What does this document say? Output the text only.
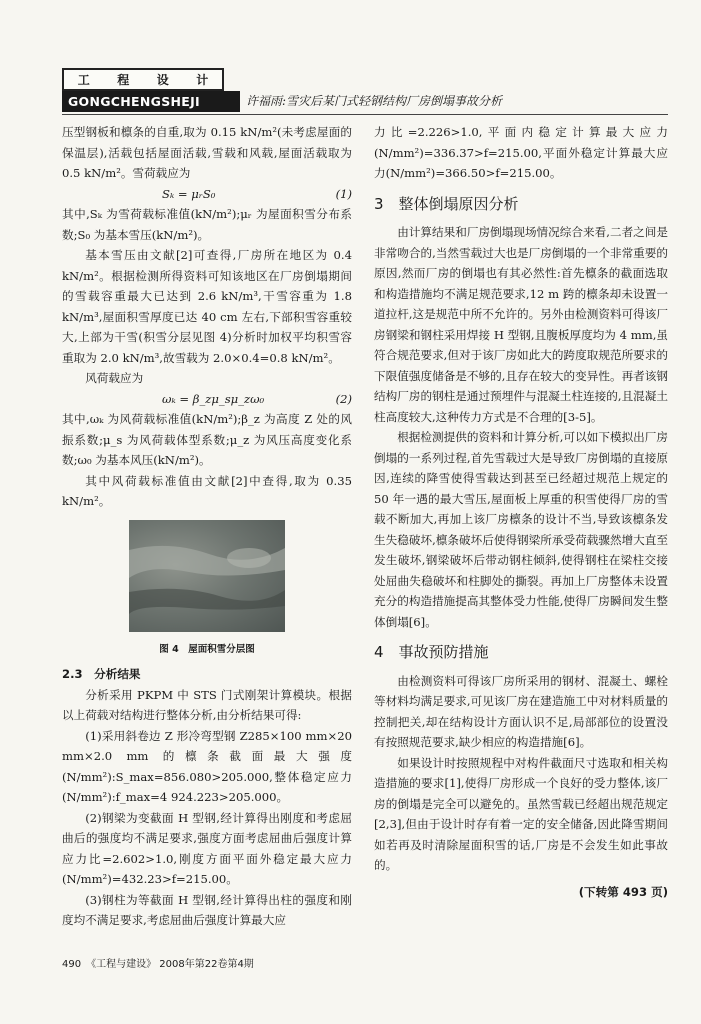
工 程 设 计
GONGCHENGSHEJI	许福雨:雪灾后某门式轻钢结构厂房倒塌事故分析

压型钢板和檩条的自重,取为 0.15 kN/m²(未考虑屋面的保温层),活载包括屋面活载,雪载和风载,屋面活载取为 0.5 kN/m²。雪荷载应为

Sₖ = μᵣS₀	(1)

其中,Sₖ 为雪荷载标准值(kN/m²);μᵣ 为屋面积雪分布系数;S₀ 为基本雪压(kN/m²)。

基本雪压由文献[2]可查得,厂房所在地区为 0.4 kN/m²。根据检测所得资料可知该地区在厂房倒塌期间的雪载容重最大已达到 2.6 kN/m³,干雪容重为 1.8 kN/m³,屋面积雪厚度已达 40 cm 左右,下部积雪容重较大,上部为干雪(积雪分层见图 4)分析时加权平均积雪容重取为 2.0 kN/m³,故雪载为 2.0×0.4=0.8 kN/m²。

风荷载应为

ωₖ = β_zμ_sμ_zω₀	(2)

其中,ωₖ 为风荷载标准值(kN/m²);β_z 为高度 Z 处的风振系数;μ_s 为风荷载体型系数;μ_z 为风压高度变化系数;ω₀ 为基本风压(kN/m²)。

其中风荷载标准值由文献[2]中查得,取为 0.35 kN/m²。

图 4　屋面积雪分层图
2.3　分析结果

分析采用 PKPM 中 STS 门式刚架计算模块。根据以上荷载对结构进行整体分析,由分析结果可得:

(1)采用斜卷边 Z 形冷弯型钢 Z285×100 mm×20 mm×2.0 mm 的檩条截面最大强度(N/mm²):S_max=856.080>205.000,整体稳定应力(N/mm²):f_max=4 924.223>205.000。

(2)钢梁为变截面 H 型钢,经计算得出刚度和考虑屈曲后的强度均不满足要求,强度方面考虑屈曲后强度计算应力比=2.602>1.0,刚度方面平面外稳定最大应力(N/mm²)=432.23>f=215.00。

(3)钢柱为等截面 H 型钢,经计算得出柱的强度和刚度均不满足要求,考虑屈曲后强度计算最大应

力比=2.226>1.0,平面内稳定计算最大应力(N/mm²)=336.37>f=215.00,平面外稳定计算最大应力(N/mm²)=366.50>f=215.00。

3　整体倒塌原因分析

由计算结果和厂房倒塌现场情况综合来看,二者之间是非常吻合的,当然雪载过大也是厂房倒塌的一个非常重要的原因,然而厂房的倒塌也有其必然性:首先檩条的截面选取和构造措施均不满足规范要求,12 m 跨的檩条却未设置一道拉杆,这是规范中所不允许的。另外由检测资料可得该厂房钢梁和钢柱采用焊接 H 型钢,且腹板厚度均为 4 mm,虽符合规范要求,但对于该厂房如此大的跨度取规范所要求的下限值强度储备是不够的,且存在较大的变异性。再者该钢结构厂房的钢柱是通过预埋件与混凝土柱连接的,且混凝土柱高度较大,这种传力方式是不合理的[3-5]。

根据检测提供的资料和计算分析,可以如下模拟出厂房倒塌的一系列过程,首先雪载过大是导致厂房倒塌的直接原因,连续的降雪使得雪载达到甚至已经超过规范上规定的 50 年一遇的最大雪压,屋面板上厚重的积雪使得厂房的雪载不断加大,再加上该厂房檩条的设计不当,导致该檩条发生失稳破坏,檩条破坏后使得钢梁所承受荷载骤然增大直至发生破坏,钢梁破坏后带动钢柱倾斜,使得钢柱在梁柱交接处屈曲失稳破坏和柱脚处的撕裂。再加上厂房整体未设置充分的构造措施提高其整体受力性能,使得厂房瞬间发生整体倒塌[6]。

4　事故预防措施

由检测资料可得该厂房所采用的钢材、混凝土、螺栓等材料均满足要求,可见该厂房在建造施工中对材料质量的控制把关,却在结构设计方面认识不足,局部部位的设置没有按照规范要求,缺少相应的构造措施[6]。

如果设计时按照规程中对构件截面尺寸选取和相关构造措施的要求[1],使得厂房形成一个良好的受力整体,该厂房的倒塌是完全可以避免的。虽然雪载已经超出规范规定[2,3],但由于设计时存有着一定的安全储备,因此降雪期间如若再及时清除屋面积雪的话,厂房是不会发生如此事故的。

(下转第 493 页)
490　《工程与建设》 2008年第22卷第4期
